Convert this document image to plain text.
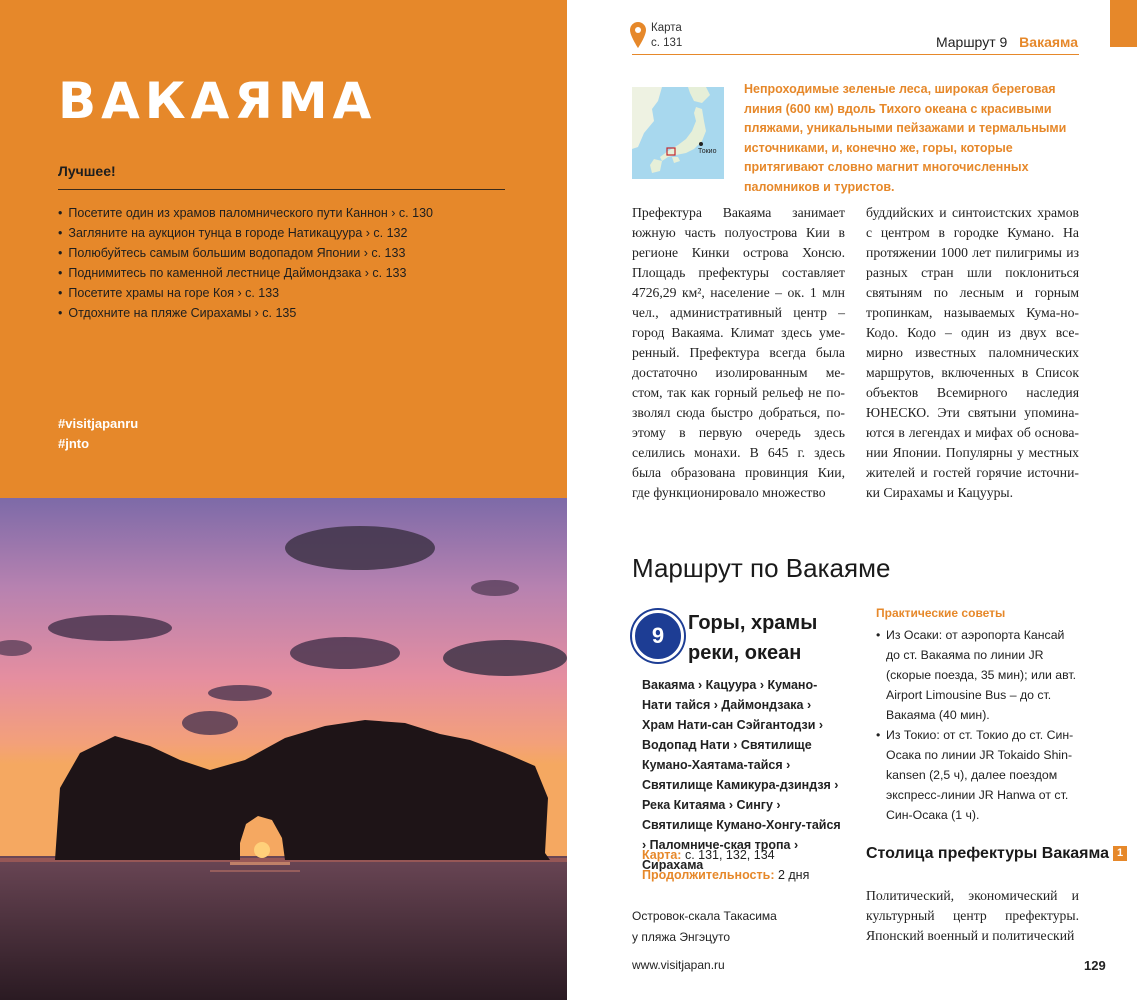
ВАКАЯМА
Лучшее!
• Посетите один из храмов паломнического пути Каннон › с. 130
• Загляните на аукцион тунца в городе Натикацуура › с. 132
• Полюбуйтесь самым большим водопадом Японии › с. 133
• Поднимитесь по каменной лестнице Даймондзака › с. 133
• Посетите храмы на горе Коя › с. 133
• Отдохните на пляже Сирахамы › с. 135
#visitjapanru
#jnto
Островок-скала Такасима
у пляжа Энгэцуто
Карта
с. 131	Маршрут 9 Вакаяма
Токио
Непроходимые зеленые леса, широкая береговая линия (600 км) вдоль Тихого океана с красивыми пляжами, уникальными пейзажами и термальными источниками, и, конечно же, горы, которые притягивают словно магнит многочисленных паломников и туристов.
Префектура Вакаяма занимает южную часть полуострова Кии в регионе Кинки острова Хонсю. Площадь префектуры составляет 4726,29 км², население – ок. 1 млн чел., административный центр – город Вакаяма. Климат здесь уме-ренный. Префектура всегда была достаточно изолированным ме-стом, так как горный рельеф не по-зволял сюда быстро добраться, по-этому в первую очередь здесь селились монахи. В 645 г. здесь была образована провинция Кии, где функционировало множество
буддийских и синтоистских храмов с центром в городке Кумано. На протяжении 1000 лет пилигримы из разных стран шли поклониться святыням по лесным и горным тропинкам, называемых Кума-но-Кодо. Кодо – один из двух все-мирно известных паломнических маршрутов, включенных в Список объектов Всемирного наследия ЮНЕСКО. Эти святыни упомина-ются в легендах и мифах об основа-нии Японии. Популярны у местных жителей и гостей горячие источни-ки Сирахамы и Кацууры.
Маршрут по Вакаяме
9	Горы, храмы
реки, океан
Вакаяма › Кацуура › Кумано-Нати тайся › Даймондзака › Храм Нати-сан Сэйгантодзи › Водопад Нати › Святилище Кумано-Хаятама-тайся › Святилище Камикура-дзиндзя › Река Китаяма › Сингу › Святилище Кумано-Хонгу-тайся › Паломниче-ская тропа › Сирахама
Карта: с. 131, 132, 134
Продолжительность: 2 дня
Практические советы
• Из Осаки: от аэропорта Кансай до ст. Вакаяма по линии JR (скорые поезда, 35 мин); или авт. Airport Limousine Bus – до ст. Вакаяма (40 мин).
• Из Токио: от ст. Токио до ст. Син-Осака по линии JR Tokaido Shin-kansen (2,5 ч), далее поездом экспресс-линии JR Hanwa от ст. Син-Осака (1 ч).
Столица префектуры Вакаяма 1
Политический, экономический и культурный центр префектуры. Японский военный и политический
www.visitjapan.ru	129
